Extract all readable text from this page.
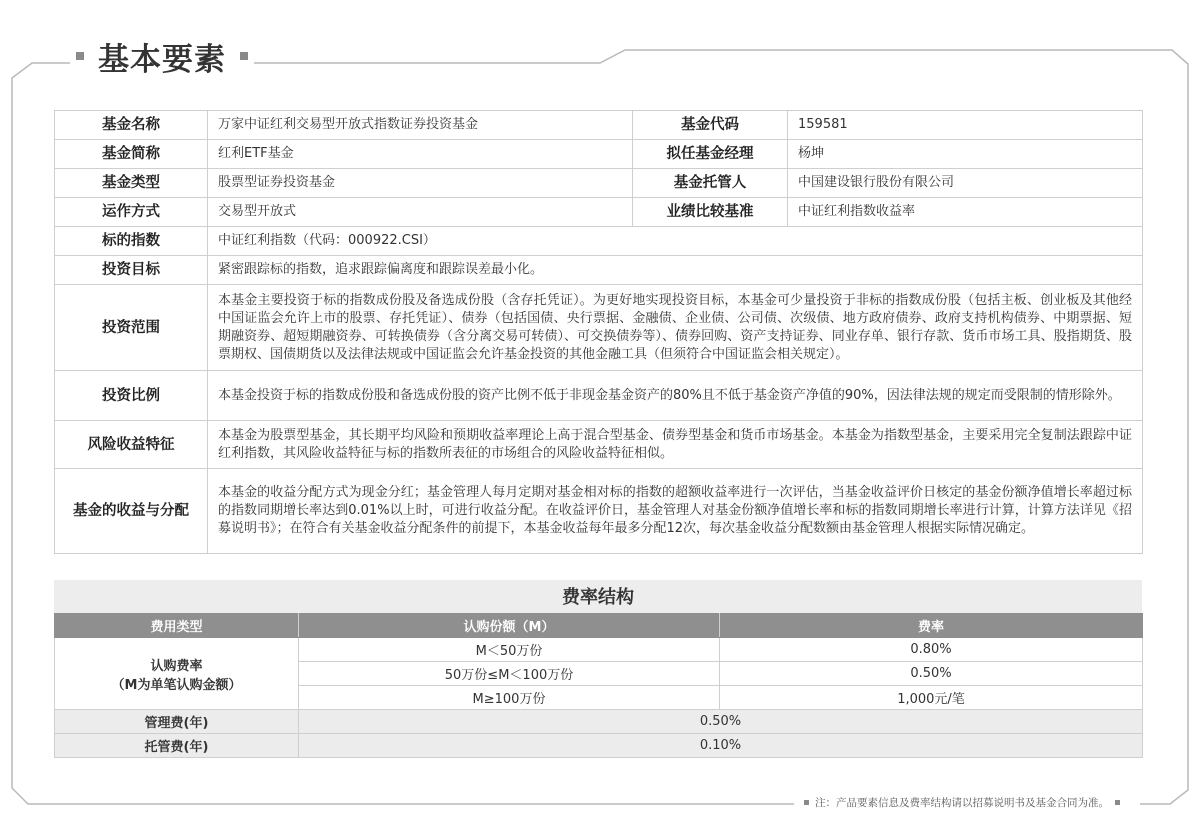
基本要素
基金名称	万家中证红利交易型开放式指数证券投资基金	基金代码	159581
基金简称	红利ETF基金	拟任基金经理	杨坤
基金类型	股票型证券投资基金	基金托管人	中国建设银行股份有限公司
运作方式	交易型开放式	业绩比较基准	中证红利指数收益率
标的指数	中证红利指数（代码：000922.CSI）		
投资目标	紧密跟踪标的指数，追求跟踪偏离度和跟踪误差最小化。		
投资范围	本基金主要投资于标的指数成份股及备选成份股（含存托凭证）。为更好地实现投资目标，本基金可少量投资于非标的指数成份股（包括主板、创业板及其他经中国证监会允许上市的股票、存托凭证）、债券（包括国债、央行票据、金融债、企业债、公司债、次级债、地方政府债券、政府支持机构债券、中期票据、短期融资券、超短期融资券、可转换债券（含分离交易可转债）、可交换债券等）、债券回购、资产支持证券、同业存单、银行存款、货币市场工具、股指期货、股票期权、国债期货以及法律法规或中国证监会允许基金投资的其他金融工具（但须符合中国证监会相关规定）。		
投资比例	本基金投资于标的指数成份股和备选成份股的资产比例不低于非现金基金资产的80%且不低于基金资产净值的90%，因法律法规的规定而受限制的情形除外。		
风险收益特征	本基金为股票型基金，其长期平均风险和预期收益率理论上高于混合型基金、债券型基金和货币市场基金。本基金为指数型基金，主要采用完全复制法跟踪中证红利指数，其风险收益特征与标的指数所表征的市场组合的风险收益特征相似。		
基金的收益与分配	本基金的收益分配方式为现金分红；基金管理人每月定期对基金相对标的指数的超额收益率进行一次评估，当基金收益评价日核定的基金份额净值增长率超过标的指数同期增长率达到0.01%以上时，可进行收益分配。在收益评价日，基金管理人对基金份额净值增长率和标的指数同期增长率进行计算，计算方法详见《招募说明书》；在符合有关基金收益分配条件的前提下，本基金收益每年最多分配12次，每次基金收益分配数额由基金管理人根据实际情况确定。		
费率结构
费用类型	认购份额（M）	费率

认购费率
（M为单笔认购金额）	M＜50万份	0.80%
	50万份≤M＜100万份	0.50%
	M≥100万份	1,000元/笔
管理费(年)	0.50%	
托管费(年)	0.10%	
注：产品要素信息及费率结构请以招募说明书及基金合同为准。
